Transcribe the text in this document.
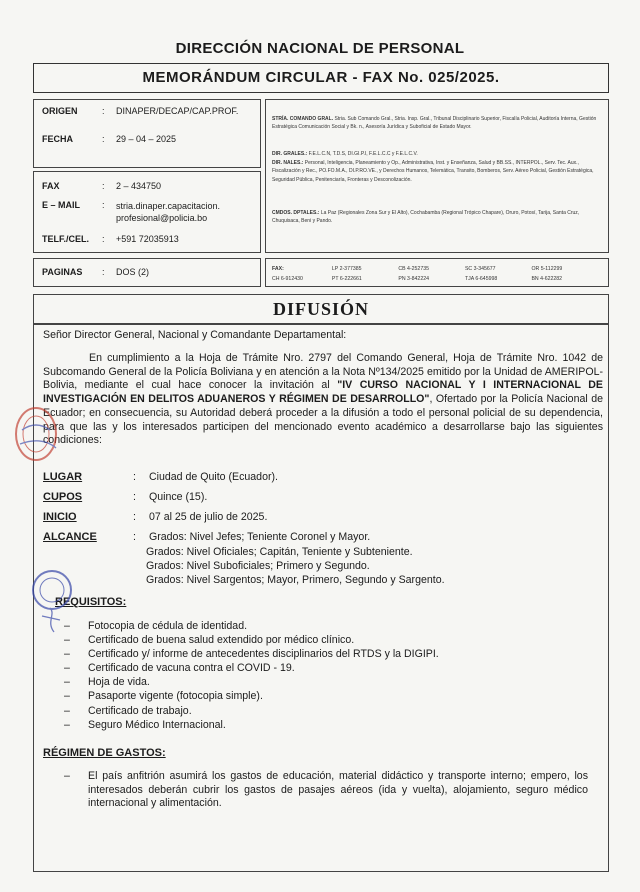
DIRECCIÓN NACIONAL DE PERSONAL
MEMORÁNDUM CIRCULAR - FAX No. 025/2025.
ORIGEN	:	DINAPER/DECAP/CAP.PROF.
FECHA	:	29 – 04 – 2025
FAX	:	2 – 434750
E – MAIL	:	stria.dinaper.capacitacion.
profesional@policia.bo
TELF./CEL.	:	+591 72035913
PAGINAS	:	DOS (2)
STRÍA. COMANDO GRAL. Stria. Sub Comando Gral., Stria. Insp. Gral., Tribunal Disciplinario Superior, Fiscalía Policial, Auditoría Interna, Gestión Estratégica Comunicación Social y Bk. n., Asesoría Jurídica y Suboficial de Estado Mayor.
DIR. GRALES.: F.E.L.C.N, T.D.S, DI.GI.P.I, F.E.L.C.C y F.E.L.C.V.
DIR. NALES.: Personal, Inteligencia, Planeamiento y Op., Administrativa, Inst. y Enseñanza, Salud y BB.SS., INTERPOL., Serv. Tec. Aux., Fiscalización y Rec., PO.FO.M.A., DI.P.RO.VE., y Derechos Humanos, Telemática, Transito, Bomberos, Serv. Aéreo Policial, Gestión Estratégica, Seguridad Pública, Penitenciaría, Fronteras y Desconolización.
CMDOS. DPTALES.: La Paz (Regionales Zona Sur y El Alto), Cochabamba (Regional Trópico Chapare), Oruro, Potosí, Tarija, Santa Cruz, Chuquisaca, Beni y Pando.
FAX:	LP 2-377385	CB 4-252735	SC 3-345677	OR 5-112299
CH 6-912430	PT 6-222661	PN 3-842224	TJA 6-645998	BN 4-622282
DIFUSIÓN
Señor Director General, Nacional y Comandante Departamental:
En cumplimiento a la Hoja de Trámite Nro. 2797 del Comando General, Hoja de Trámite Nro. 1042 de Subcomando General de la Policía Boliviana y en atención a la Nota Nº134/2025 emitido por la Unidad de AMERIPOL-Bolivia, mediante el cual hace conocer la invitación al "IV CURSO NACIONAL Y I INTERNACIONAL DE INVESTIGACIÓN EN DELITOS ADUANEROS Y RÉGIMEN DE DESARROLLO", Ofertado por la Policía Nacional de Ecuador; en consecuencia, su Autoridad deberá proceder a la difusión a todo el personal policial de su dependencia, para que las y los interesados participen del mencionado evento académico a desarrollarse bajo las siguientes condiciones:
LUGAR	:	Ciudad de Quito (Ecuador).
CUPOS	:	Quince (15).
INICIO	:	07 al 25 de julio de 2025.
ALCANCE	:	Grados: Nivel Jefes; Teniente Coronel y Mayor.
Grados: Nivel Oficiales; Capitán, Teniente y Subteniente.
Grados: Nivel Suboficiales; Primero y Segundo.
Grados: Nivel Sargentos; Mayor, Primero, Segundo y Sargento.
REQUISITOS:
–	Fotocopia de cédula de identidad.
–	Certificado de buena salud extendido por médico clínico.
–	Certificado y/ informe de antecedentes disciplinarios del RTDS y la DIGIPI.
–	Certificado de vacuna contra el COVID - 19.
–	Hoja de vida.
–	Pasaporte vigente (fotocopia simple).
–	Certificado de trabajo.
–	Seguro Médico Internacional.
RÉGIMEN DE GASTOS:
–	El país anfitrión asumirá los gastos de educación, material didáctico y transporte interno; empero, los interesados deberán cubrir los gastos de pasajes aéreos (ida y vuelta), alojamiento, seguro médico internacional y alimentación.
